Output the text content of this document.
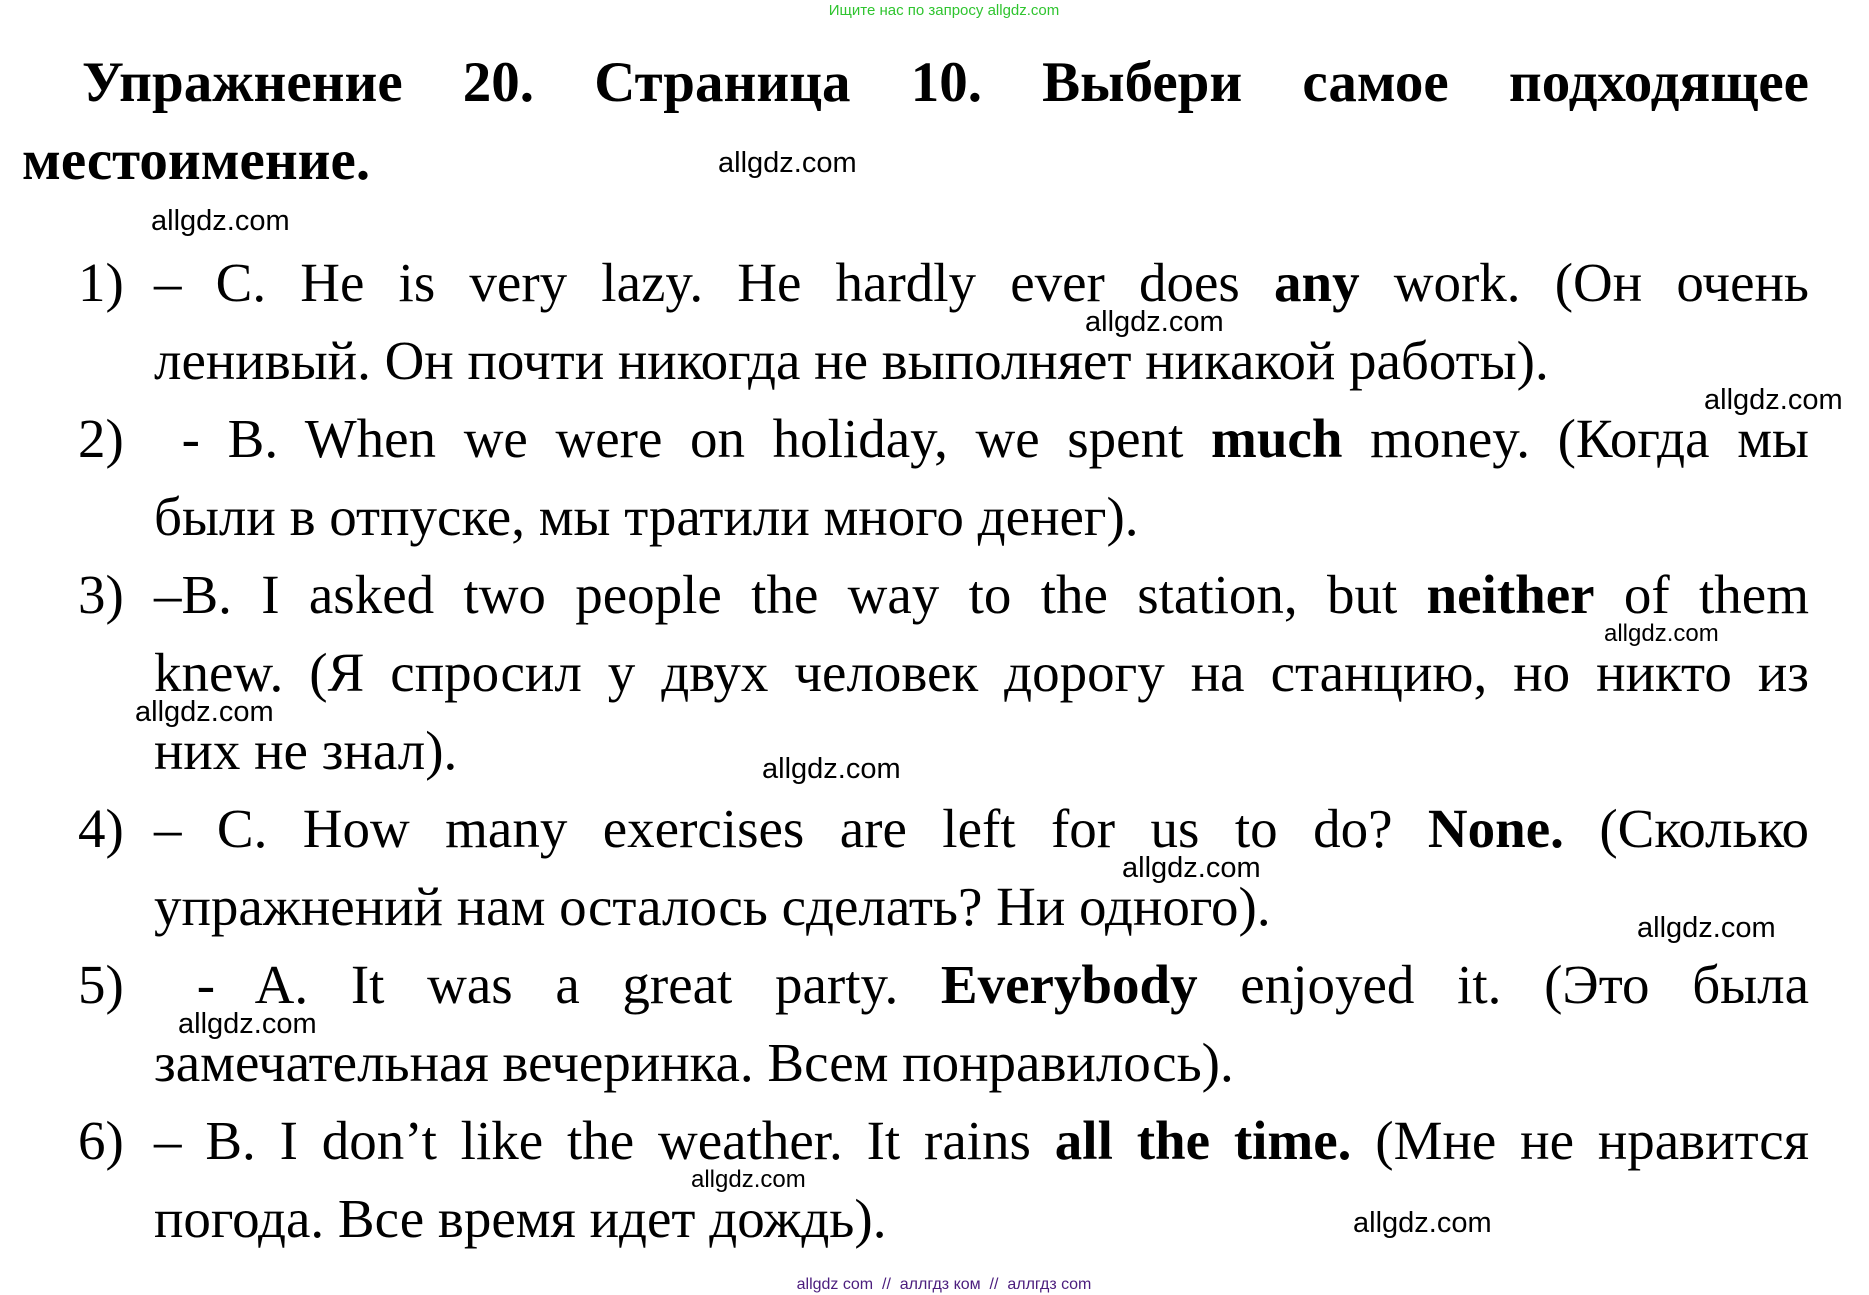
Ищите нас по запросу allgdz.com
Упражнение 20. Страница 10. Выбери самое подходящее
местоимение.
1) – C. He is very lazy. He hardly ever does any work. (Он очень
ленивый. Он почти никогда не выполняет никакой работы).
2) - B. When we were on holiday, we spent much money. (Когда мы
были в отпуске, мы тратили много денег).
3) –B. I asked two people the way to the station, but neither of them
knew. (Я спросил у двух человек дорогу на станцию, но никто из
них не знал).
4) – C. How many exercises are left for us to do? None. (Сколько
упражнений нам осталось сделать? Ни одного).
5) - A. It was a great party. Everybody enjoyed it. (Это была
замечательная вечеринка. Всем понравилось).
6) – B. I don’t like the weather. It rains all the time. (Мне не нравится
погода. Все время идет дождь).
allgdz.com
allgdz.com
allgdz.com
allgdz.com
allgdz.com
allgdz.com
allgdz.com
allgdz.com
allgdz.com
allgdz.com
allgdz.com
allgdz.com
allgdz com  //  аллгдз ком  //  аллгдз com
